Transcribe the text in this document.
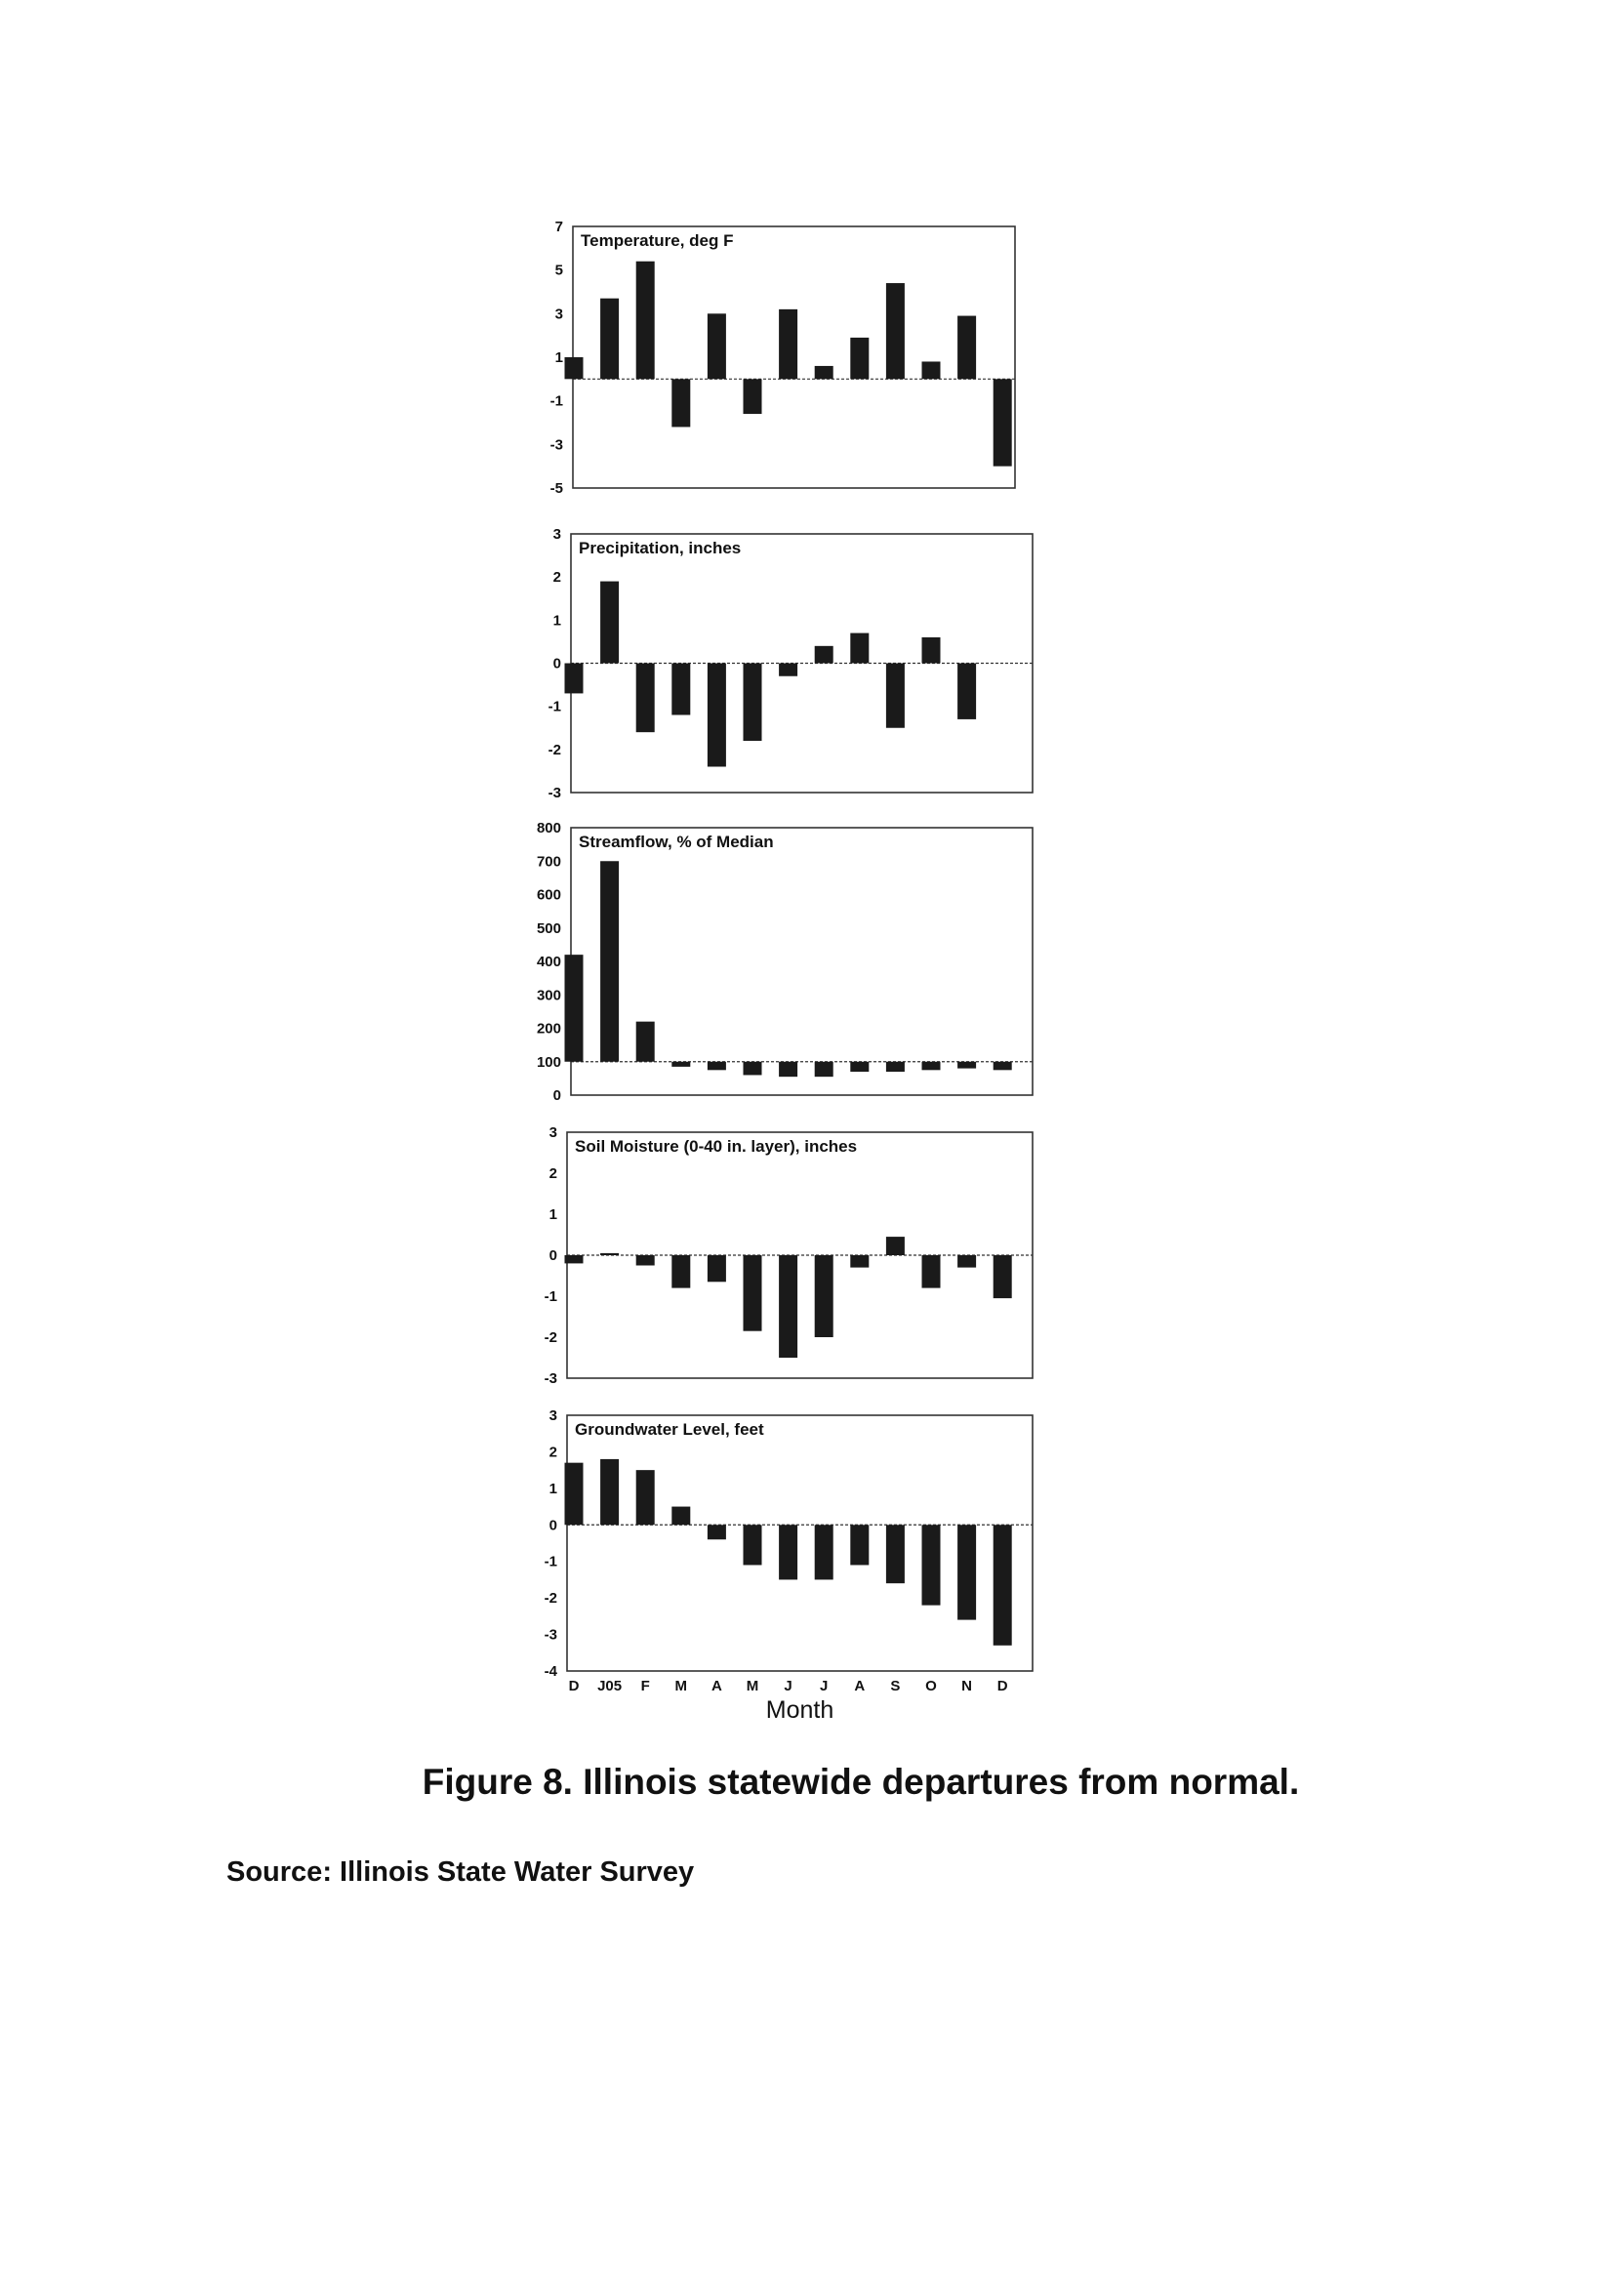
Temperature, deg F
7
5
3
1
-1
-3
-5
Precipitation, inches
3
2
1
0
-1
-2
-3
Streamflow, % of Median
800
700
600
500
400
300
200
100
0
Soil Moisture (0-40 in. layer), inches
3
2
1
0
-1
-2
-3
Groundwater Level, feet
3
2
1
0
-1
-2
-3
-4
D J05 F M A M J J A S O N D
Month
Figure 8. Illinois statewide departures from normal.
Source: Illinois State Water Survey
